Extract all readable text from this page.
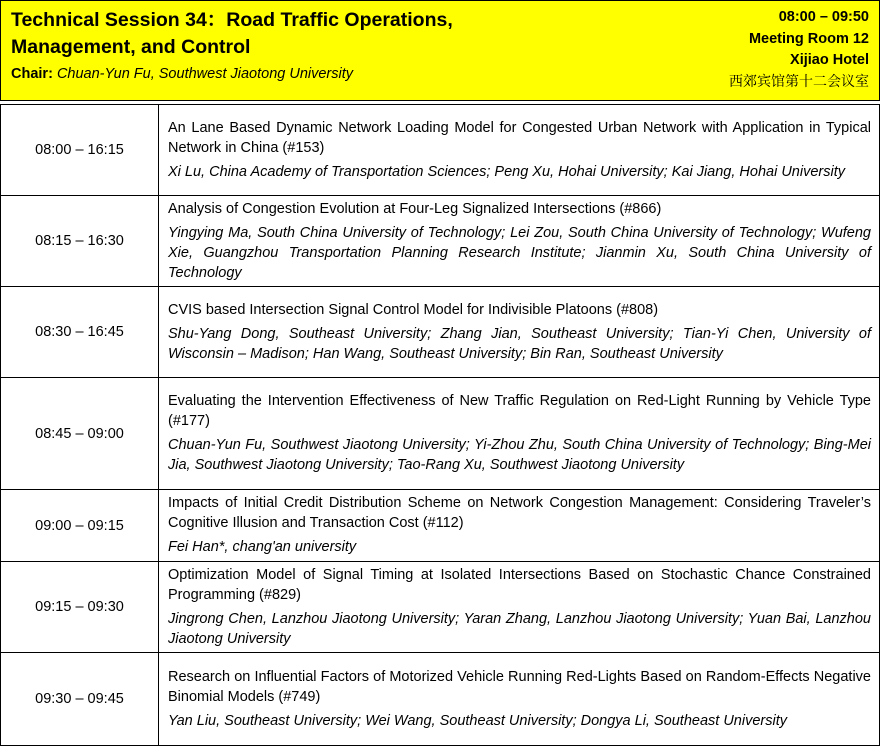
Technical Session 34：Road Traffic Operations, Management, and Control
Chair: Chuan-Yun Fu, Southwest Jiaotong University
08:00 – 09:50
Meeting Room 12
Xijiao Hotel
西郊宾馆第十二会议室
08:00 – 16:15	An Lane Based Dynamic Network Loading Model for Congested Urban Network with Application in Typical Network in China (#153)
Xi Lu, China Academy of Transportation Sciences; Peng Xu, Hohai University; Kai Jiang, Hohai University

08:15 – 16:30	Analysis of Congestion Evolution at Four-Leg Signalized Intersections (#866)
Yingying Ma, South China University of Technology; Lei Zou, South China University of Technology; Wufeng Xie, Guangzhou Transportation Planning Research Institute; Jianmin Xu, South China University of Technology

08:30 – 16:45	CVIS based Intersection Signal Control Model for Indivisible Platoons (#808)
Shu-Yang Dong, Southeast University; Zhang Jian, Southeast University; Tian-Yi Chen, University of Wisconsin – Madison; Han Wang, Southeast University; Bin Ran, Southeast University

08:45 – 09:00	Evaluating the Intervention Effectiveness of New Traffic Regulation on Red-Light Running by Vehicle Type (#177)
Chuan-Yun Fu, Southwest Jiaotong University; Yi-Zhou Zhu, South China University of Technology; Bing-Mei Jia, Southwest Jiaotong University; Tao-Rang Xu, Southwest Jiaotong University

09:00 – 09:15	Impacts of Initial Credit Distribution Scheme on Network Congestion Management: Considering Traveler’s Cognitive Illusion and Transaction Cost (#112)
Fei Han*, chang'an university

09:15 – 09:30	Optimization Model of Signal Timing at Isolated Intersections Based on Stochastic Chance Constrained Programming (#829)
Jingrong Chen, Lanzhou Jiaotong University; Yaran Zhang, Lanzhou Jiaotong University; Yuan Bai, Lanzhou Jiaotong University

09:30 – 09:45	Research on Influential Factors of Motorized Vehicle Running Red-Lights Based on Random-Effects Negative Binomial Models (#749)
Yan Liu, Southeast University; Wei Wang, Southeast University; Dongya Li, Southeast University
